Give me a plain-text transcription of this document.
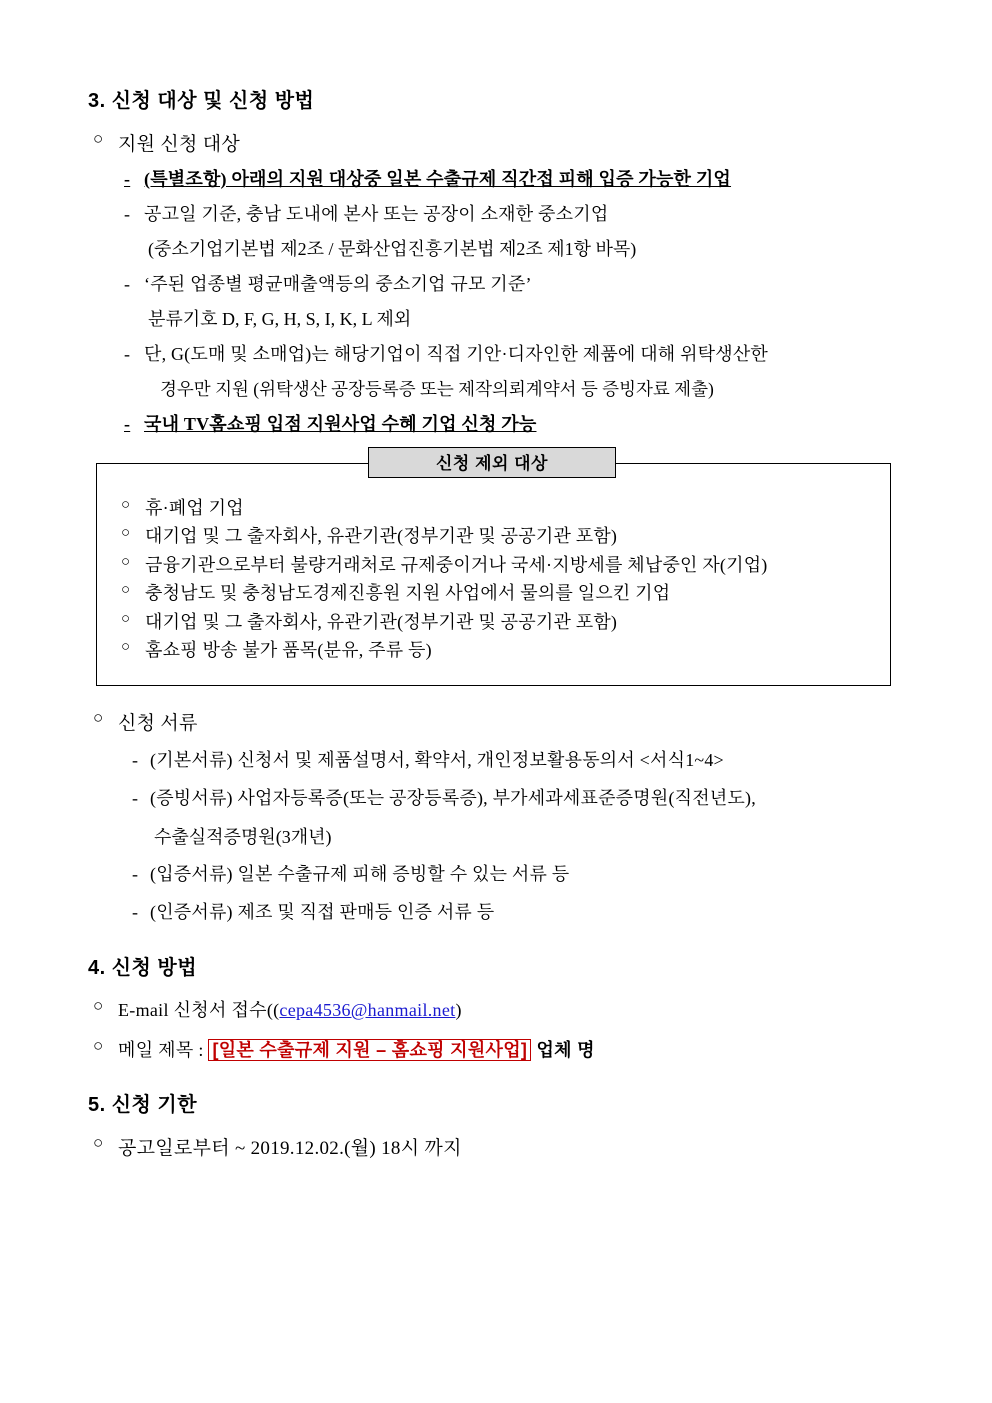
3. 신청 대상 및 신청 방법
○ 지원 신청 대상
- (특별조항) 아래의 지원 대상중 일본 수출규제 직간접 피해 입증 가능한 기업
- 공고일 기준, 충남 도내에 본사 또는 공장이 소재한 중소기업
(중소기업기본법 제2조 / 문화산업진흥기본법 제2조 제1항 바목)
- ‘주된 업종별 평균매출액등의 중소기업 규모 기준’
분류기호 D, F, G, H, S, I, K, L 제외
- 단, G(도매 및 소매업)는 해당기업이 직접 기안·디자인한 제품에 대해 위탁생산한
경우만 지원 (위탁생산 공장등록증 또는 제작의뢰계약서 등 증빙자료 제출)
- 국내 TV홈쇼핑 입점 지원사업 수혜 기업 신청 가능
신청 제외 대상
○ 휴·폐업 기업
○ 대기업 및 그 출자회사, 유관기관(정부기관 및 공공기관 포함)
○ 금융기관으로부터 불량거래처로 규제중이거나 국세·지방세를 체납중인 자(기업)
○ 충청남도 및 충청남도경제진흥원 지원 사업에서 물의를 일으킨 기업
○ 대기업 및 그 출자회사, 유관기관(정부기관 및 공공기관 포함)
○ 홈쇼핑 방송 불가 품목(분유, 주류 등)
○ 신청 서류
- (기본서류) 신청서 및 제품설명서, 확약서, 개인정보활용동의서 <서식1~4>
- (증빙서류) 사업자등록증(또는 공장등록증), 부가세과세표준증명원(직전년도),
수출실적증명원(3개년)
- (입증서류) 일본 수출규제 피해 증빙할 수 있는 서류 등
- (인증서류) 제조 및 직접 판매등 인증 서류 등
4. 신청 방법
○ E-mail 신청서 접수((cepa4536@hanmail.net)
○ 메일 제목 : [일본 수출규제 지원 – 홈쇼핑 지원사업] 업체 명
5. 신청 기한
○ 공고일로부터 ~ 2019.12.02.(월) 18시 까지
